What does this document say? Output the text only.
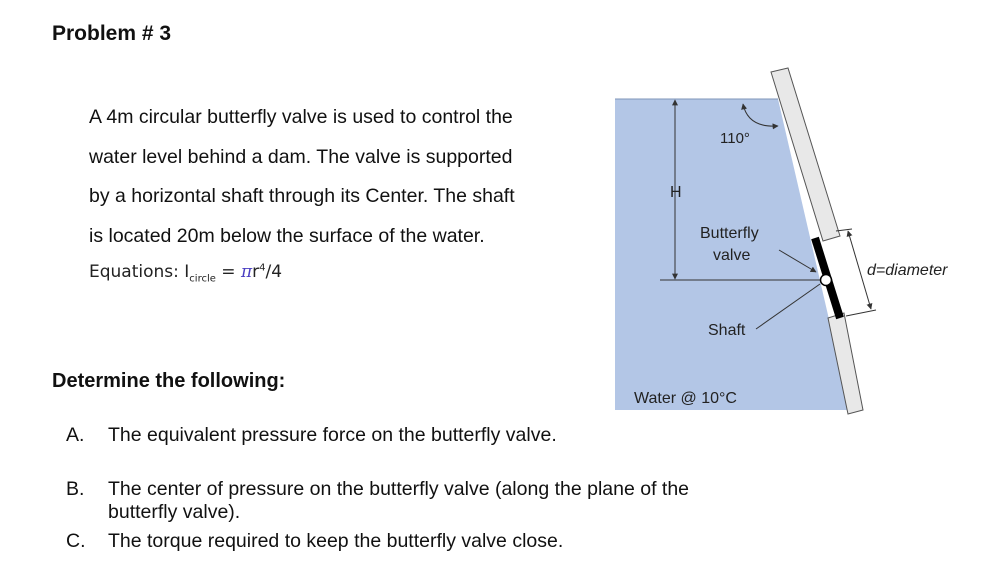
Problem # 3
A 4m circular butterfly valve is used to control the
water level behind a dam. The valve is supported
by a horizontal shaft through its Center. The shaft
is located 20m below the surface of the water.
Equations: $I_{circle} = \pi r^4/4$
Determine the following:
A.	The equivalent pressure force on the butterfly valve.
B.	The center of pressure on the butterfly valve (along the plane of the butterfly valve).
C.	The torque required to keep the butterfly valve close.
H
110°
Butterfly
valve
Shaft
Water @ 10°C
d=diameter
